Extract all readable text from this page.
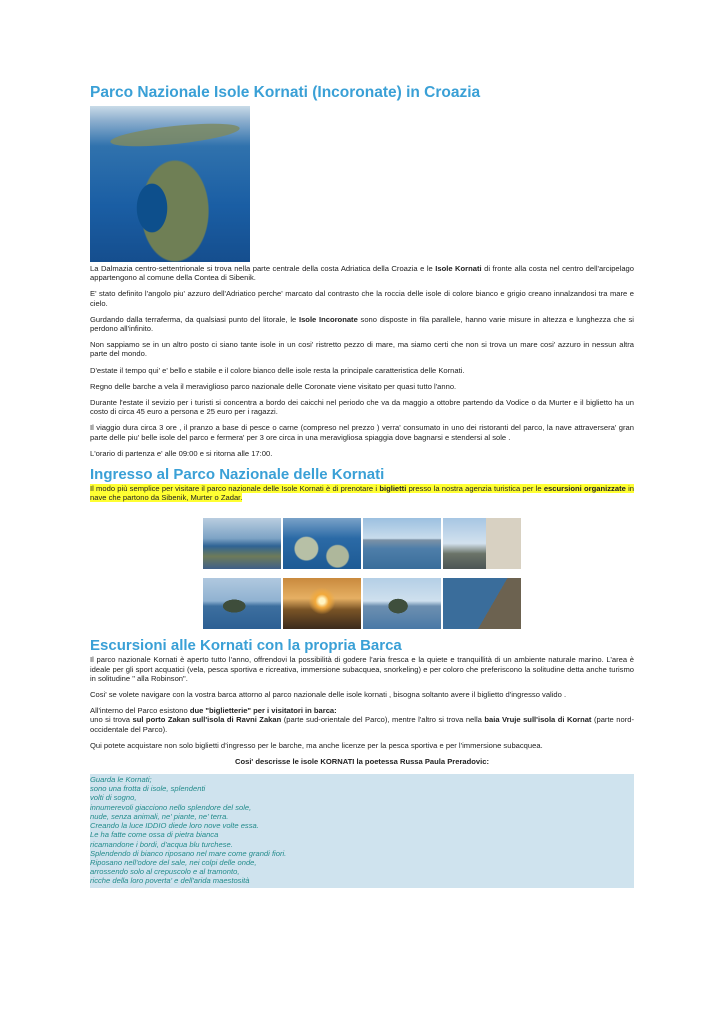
Parco Nazionale Isole Kornati (Incoronate) in Croazia

La Dalmazia centro-settentrionale si trova nella parte centrale della costa Adriatica della Croazia e le Isole Kornati di fronte alla costa nel centro dell'arcipelago appartengono al comune della Contea di Sibenik.

E' stato definito l'angolo piu' azzuro dell'Adriatico perche' marcato dal contrasto che la roccia delle isole di colore bianco e grigio creano innalzandosi tra mare e cielo.

Gurdando dalla terraferma, da qualsiasi punto del litorale, le Isole Incoronate sono disposte in fila parallele, hanno varie misure in altezza e lunghezza che si perdono all'infinito.

Non sappiamo se in un altro posto ci siano tante isole in un cosi' ristretto pezzo di mare, ma siamo certi che non si trova un mare cosi' azzuro in nessun altra parte del mondo.

D'estate il tempo qui' e' bello e stabile e il colore bianco delle isole resta la principale caratteristica delle Kornati.

Regno delle barche a vela il meraviglioso parco nazionale delle Coronate viene visitato per quasi tutto l'anno.

Durante l'estate il sevizio per i turisti si concentra a bordo dei caicchi nel periodo che va da maggio a ottobre partendo da Vodice o da Murter e il biglietto ha un costo di circa 45 euro a persona e 25 euro per i ragazzi.

Il viaggio dura circa 3 ore , il pranzo a base di pesce o carne (compreso nel prezzo ) verra' consumato in uno dei ristoranti del parco, la nave attraversera' gran parte delle piu' belle isole del parco e fermera' per 3 ore circa in una meravigliosa spiaggia dove bagnarsi e stendersi al sole .

L'orario di partenza e' alle 09:00 e si ritorna alle 17:00.

Ingresso al Parco Nazionale delle Kornati

Il modo più semplice per visitare il parco nazionale delle Isole Kornati è di prenotare i biglietti presso la nostra agenzia turistica per le escursioni organizzate in nave che partono da Sibenik, Murter o Zadar.

Escursioni alle Kornati con la propria Barca

Il parco nazionale Kornati è aperto tutto l’anno, offrendovi la possibilità di godere l’aria fresca e la quiete e tranquillità di un ambiente naturale marino. L’area è ideale per gli sport acquatici (vela, pesca sportiva e ricreativa, immersione subacquea, snorkeling) e per coloro che preferiscono la solitudine detta anche turismo in solitudine " alla Robinson".

Cosi' se volete navigare con la vostra barca attorno al parco nazionale delle isole kornati , bisogna soltanto avere il biglietto d'ingresso valido .

All'interno del Parco esistono due "biglietterie" per i visitatori in barca:
uno si trova sul porto Zakan sull'isola di Ravni Zakan (parte sud-orientale del Parco), mentre l'altro si trova nella baia Vruje sull'isola di Kornat (parte nord-occidentale del Parco).

Qui potete acquistare non solo biglietti d’ingresso per le barche, ma anche licenze per la pesca sportiva e per l'immersione subacquea.

Cosi' descrisse le isole KORNATI la poetessa Russa Paula Preradovic:
Guarda le Kornati;
sono una frotta di isole, splendenti
volti di sogno,
innumerevoli giacciono nello splendore del sole,
nude, senza animali, ne' piante, ne' terra.
Creando la luce IDDIO diede loro nove volte essa.
Le ha fatte come ossa di pietra bianca
ricamandone i bordi, d'acqua blu turchese.
Splendendo di bianco riposano nel mare come grandi fiori.
Riposano nell'odore del sale, nei colpi delle onde,
arrossendo solo al crepuscolo e al tramonto,
ricche della loro poverta' e dell'arida maestosità
